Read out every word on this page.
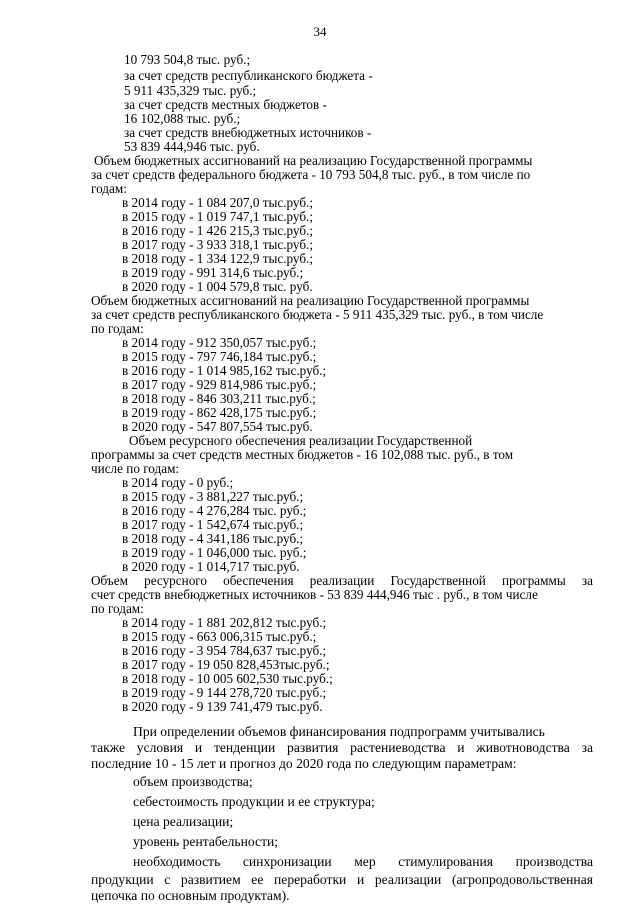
34
10 793 504,8 тыс. руб.;
за счет средств республиканского бюджета -
5 911 435,329 тыс. руб.;
за счет средств местных бюджетов -
16 102,088 тыс. руб.;
за счет средств внебюджетных источников -
53 839 444,946 тыс. руб.
Объем бюджетных ассигнований на реализацию Государственной программы
за счет средств федерального бюджета - 10 793 504,8 тыс. руб., в том числе по
годам:
в 2014 году - 1 084 207,0 тыс.руб.;
в 2015 году - 1 019 747,1 тыс.руб.;
в 2016 году - 1 426 215,3 тыс.руб.;
в 2017 году - 3 933 318,1 тыс.руб.;
в 2018 году - 1 334 122,9 тыс.руб.;
в 2019 году - 991 314,6 тыс.руб.;
в 2020 году - 1 004 579,8 тыс. руб.
Объем бюджетных ассигнований на реализацию Государственной программы
за счет средств республиканского бюджета - 5 911 435,329 тыс. руб., в том числе
по годам:
в 2014 году - 912 350,057 тыс.руб.;
в 2015 году - 797 746,184 тыс.руб.;
в 2016 году - 1 014 985,162 тыс.руб.;
в 2017 году - 929 814,986 тыс.руб.;
в 2018 году - 846 303,211 тыс.руб.;
в 2019 году - 862 428,175 тыс.руб.;
в 2020 году - 547 807,554 тыс.руб.
Объем ресурсного обеспечения реализации Государственной
программы за счет средств местных бюджетов - 16 102,088 тыс. руб., в том
числе по годам:
в 2014 году - 0 руб.;
в 2015 году - 3 881,227 тыс.руб.;
в 2016 году - 4 276,284 тыс. руб.;
в 2017 году - 1 542,674 тыс.руб.;
в 2018 году - 4 341,186 тыс.руб.;
в 2019 году - 1 046,000 тыс. руб.;
в 2020 году - 1 014,717 тыс.руб.
Объем ресурсного обеспечения реализации Государственной программы за
счет средств внебюджетных источников - 53 839 444,946 тыс . руб., в том числе
по годам:
в 2014 году - 1 881 202,812 тыс.руб.;
в 2015 году - 663 006,315 тыс.руб.;
в 2016 году - 3 954 784,637 тыс.руб.;
в 2017 году - 19 050 828,453тыс.руб.;
в 2018 году - 10 005 602,530 тыс.руб.;
в 2019 году - 9 144 278,720 тыс.руб.;
в 2020 году - 9 139 741,479 тыс.руб.
При определении объемов финансирования подпрограмм учитывались
также условия и тенденции развития растениеводства и животноводства за
последние 10 - 15 лет и прогноз до 2020 года по следующим параметрам:
объем производства;
себестоимость продукции и ее структура;
цена реализации;
уровень рентабельности;
необходимость синхронизации мер стимулирования производства
продукции с развитием ее переработки и реализации (агропродовольственная
цепочка по основным продуктам).
